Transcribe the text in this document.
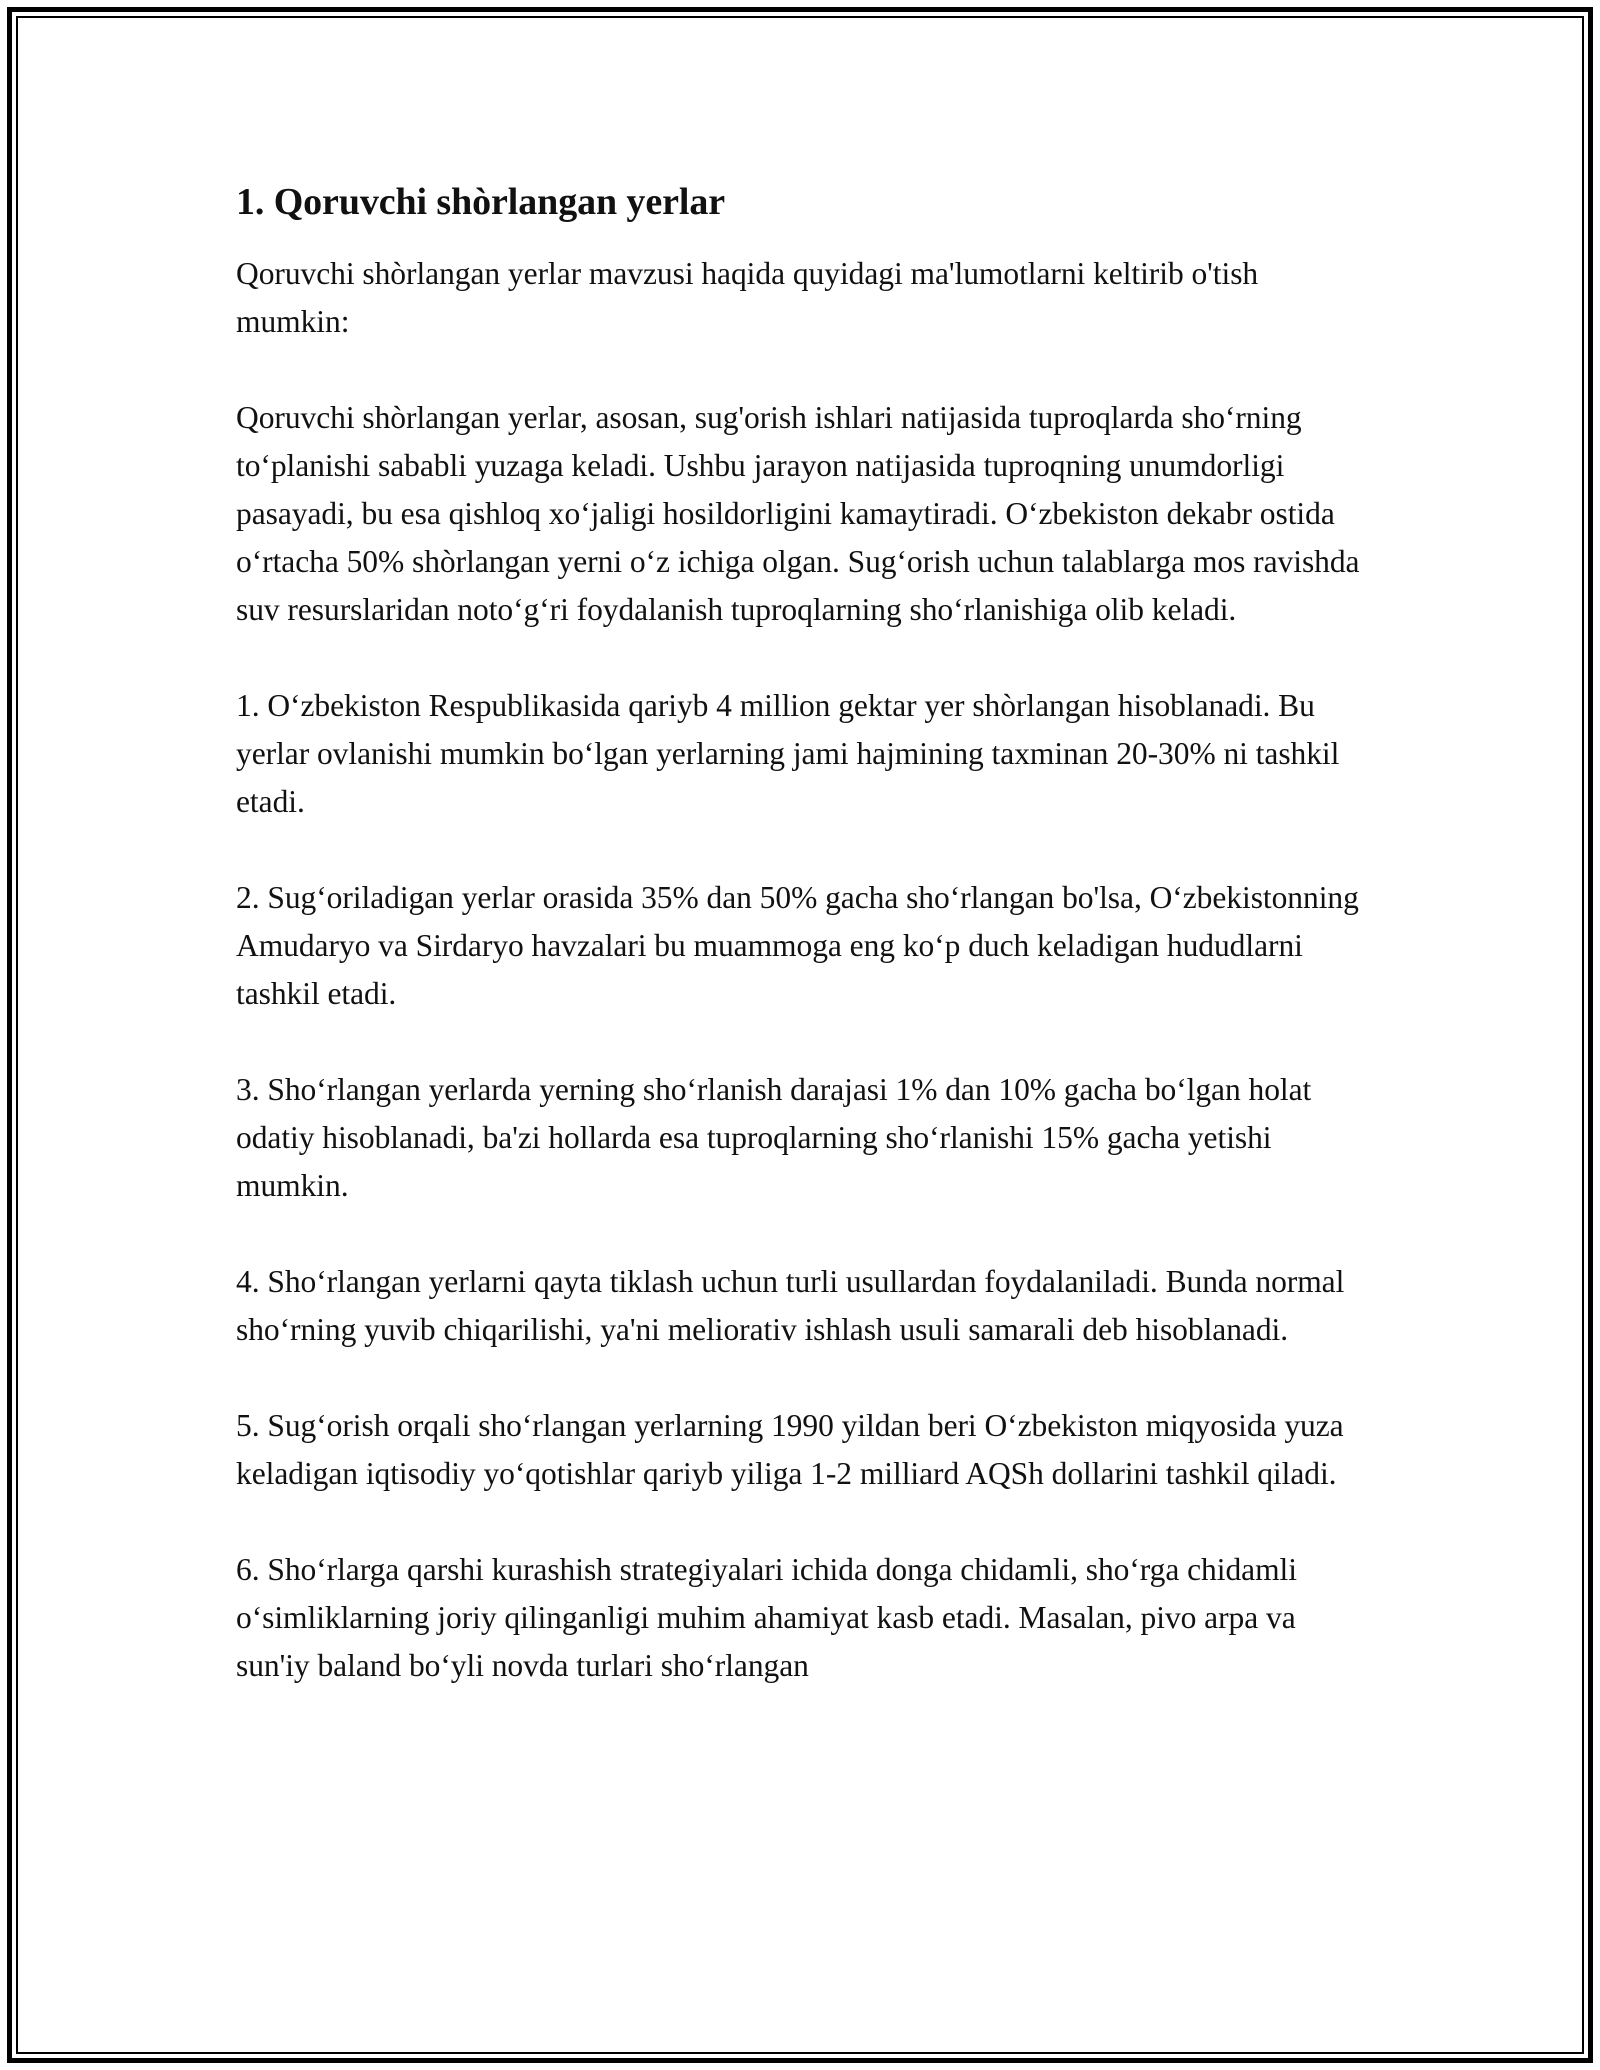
1. Qoruvchi shòrlangan yerlar

Qoruvchi shòrlangan yerlar mavzusi haqida quyidagi ma'lumotlarni keltirib o'tish mumkin:

Qoruvchi shòrlangan yerlar, asosan, sug'orish ishlari natijasida tuproqlarda sho‘rning to‘planishi sababli yuzaga keladi. Ushbu jarayon natijasida tuproqning unumdorligi pasayadi, bu esa qishloq xo‘jaligi hosildorligini kamaytiradi. O‘zbekiston dekabr ostida o‘rtacha 50% shòrlangan yerni o‘z ichiga olgan. Sug‘orish uchun talablarga mos ravishda suv resurslaridan noto‘g‘ri foydalanish tuproqlarning sho‘rlanishiga olib keladi.

1. O‘zbekiston Respublikasida qariyb 4 million gektar yer shòrlangan hisoblanadi. Bu yerlar ovlanishi mumkin bo‘lgan yerlarning jami hajmining taxminan 20-30% ni tashkil etadi.

2. Sug‘oriladigan yerlar orasida 35% dan 50% gacha sho‘rlangan bo'lsa, O‘zbekistonning Amudaryo va Sirdaryo havzalari bu muammoga eng ko‘p duch keladigan hududlarni tashkil etadi.

3. Sho‘rlangan yerlarda yerning sho‘rlanish darajasi 1% dan 10% gacha bo‘lgan holat odatiy hisoblanadi, ba'zi hollarda esa tuproqlarning sho‘rlanishi 15% gacha yetishi mumkin.

4. Sho‘rlangan yerlarni qayta tiklash uchun turli usullardan foydalaniladi. Bunda normal sho‘rning yuvib chiqarilishi, ya'ni meliorativ ishlash usuli samarali deb hisoblanadi.

5. Sug‘orish orqali sho‘rlangan yerlarning 1990 yildan beri O‘zbekiston miqyosida yuza keladigan iqtisodiy yo‘qotishlar qariyb yiliga 1-2 milliard AQSh dollarini tashkil qiladi.

6. Sho‘rlarga qarshi kurashish strategiyalari ichida donga chidamli, sho‘rga chidamli o‘simliklarning joriy qilinganligi muhim ahamiyat kasb etadi. Masalan, pivo arpa va sun'iy baland bo‘yli novda turlari sho‘rlangan
